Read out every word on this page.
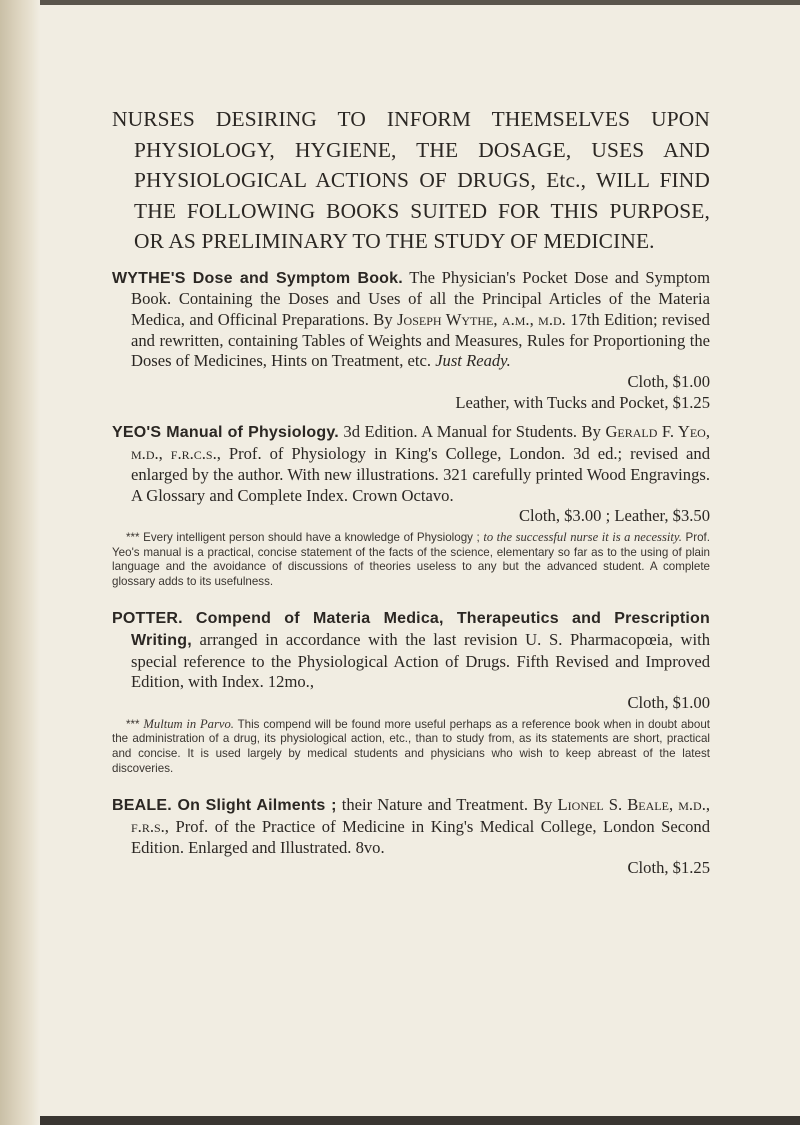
NURSES DESIRING TO INFORM THEMSELVES UPON PHYSIOLOGY, HYGIENE, THE DOSAGE, USES AND PHYSIOLOGICAL ACTIONS OF DRUGS, Etc., WILL FIND THE FOLLOWING BOOKS SUITED FOR THIS PURPOSE, OR AS PRELIMINARY TO THE STUDY OF MEDICINE.

WYTHE'S Dose and Symptom Book. The Physician's Pocket Dose and Symptom Book. Containing the Doses and Uses of all the Principal Articles of the Materia Medica, and Officinal Preparations. By Joseph Wythe, a.m., m.d. 17th Edition; revised and rewritten, containing Tables of Weights and Measures, Rules for Proportioning the Doses of Medicines, Hints on Treatment, etc. Just Ready.

Cloth, $1.00
Leather, with Tucks and Pocket, $1.25

YEO'S Manual of Physiology. 3d Edition. A Manual for Students. By Gerald F. Yeo, m.d., f.r.c.s., Prof. of Physiology in King's College, London. 3d ed.; revised and enlarged by the author. With new illustrations. 321 carefully printed Wood Engravings. A Glossary and Complete Index. Crown Octavo.

Cloth, $3.00 ; Leather, $3.50

*** Every intelligent person should have a knowledge of Physiology ; to the successful nurse it is a necessity. Prof. Yeo's manual is a practical, concise statement of the facts of the science, elementary so far as to the using of plain language and the avoidance of discussions of theories useless to any but the advanced student. A complete glossary adds to its usefulness.

POTTER. Compend of Materia Medica, Therapeutics and Prescription Writing, arranged in accordance with the last revision U. S. Pharmacopœia, with special reference to the Physiological Action of Drugs. Fifth Revised and Improved Edition, with Index. 12mo.,

Cloth, $1.00

*** Multum in Parvo. This compend will be found more useful perhaps as a reference book when in doubt about the administration of a drug, its physiological action, etc., than to study from, as its statements are short, practical and concise. It is used largely by medical students and physicians who wish to keep abreast of the latest discoveries.

BEALE. On Slight Ailments ; their Nature and Treatment. By Lionel S. Beale, m.d., f.r.s., Prof. of the Practice of Medicine in King's Medical College, London Second Edition. Enlarged and Illustrated. 8vo.

Cloth, $1.25
